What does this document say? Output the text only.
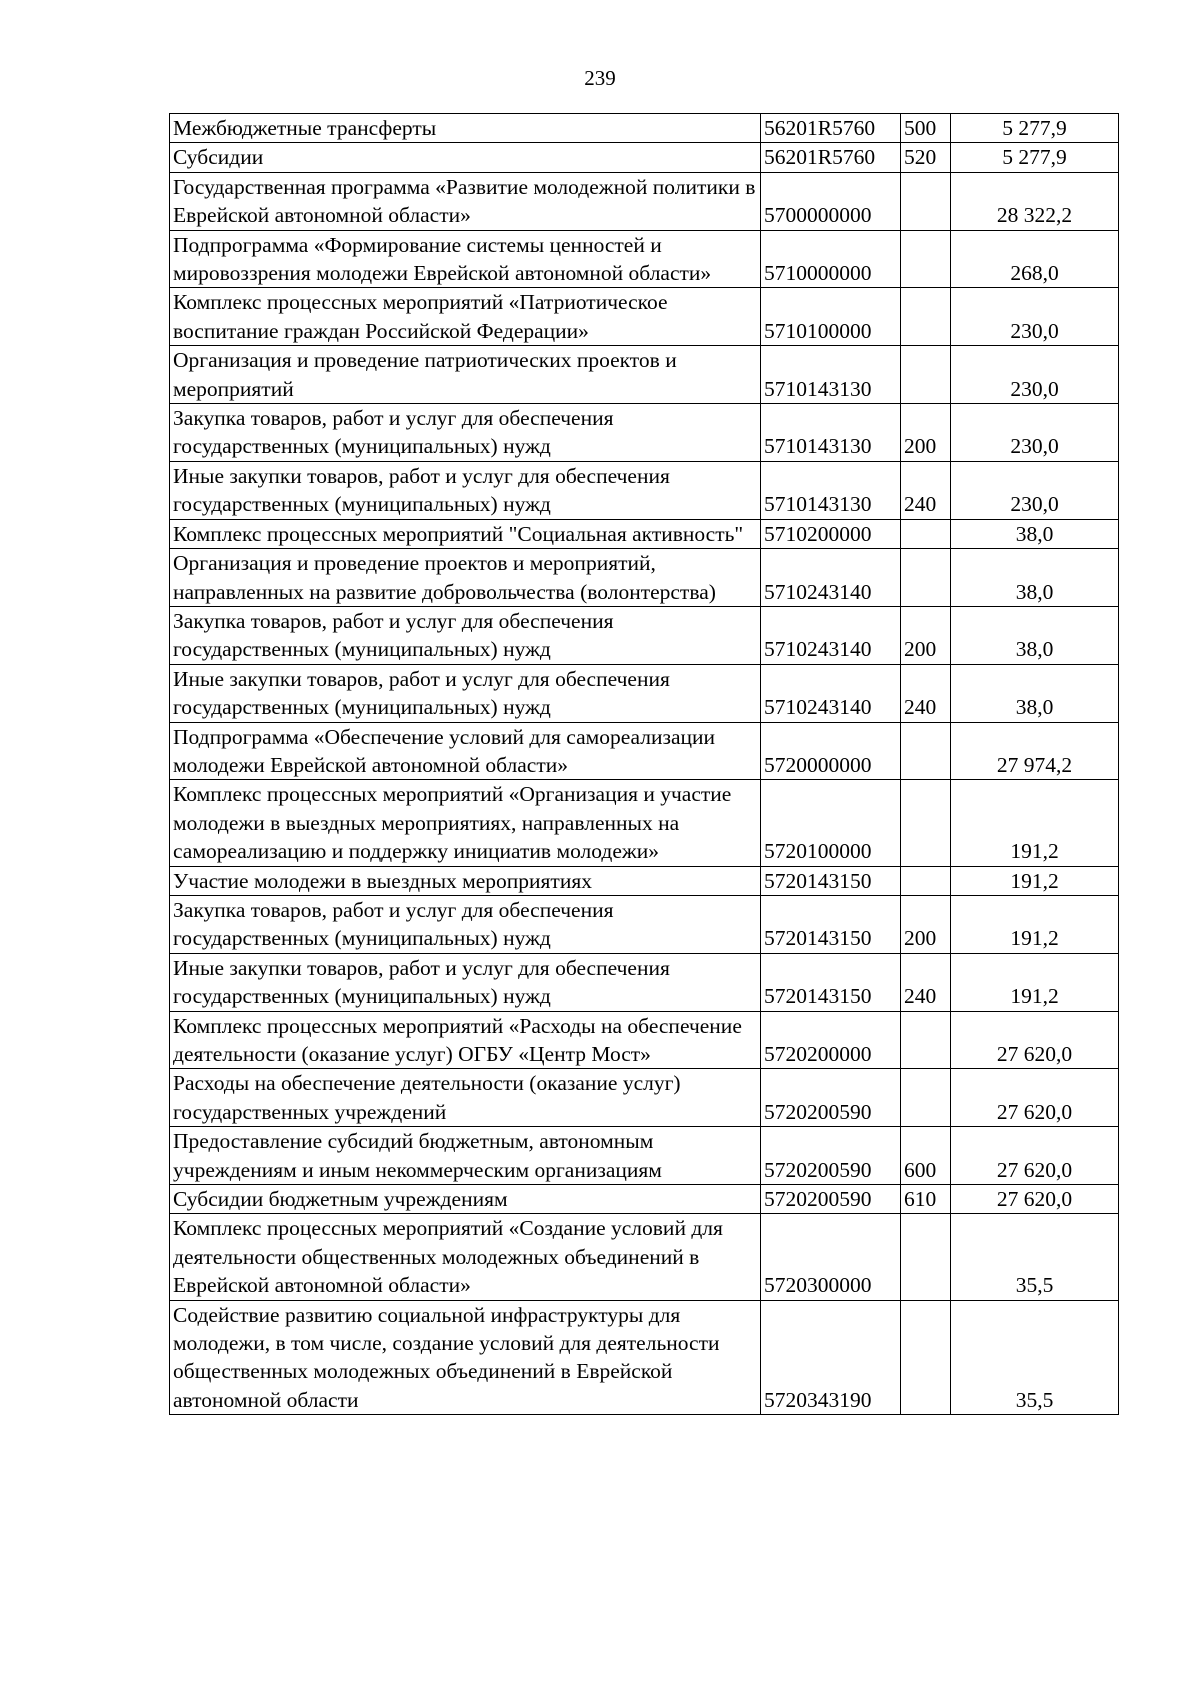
239
Межбюджетные трансферты	56201R5760	500	5 277,9
Субсидии	56201R5760	520	5 277,9
Государственная программа «Развитие молодежной политики в Еврейской автономной области»	5700000000		28 322,2
Подпрограмма «Формирование системы ценностей и мировоззрения молодежи Еврейской автономной области»	5710000000		268,0
Комплекс процессных мероприятий «Патриотическое воспитание граждан Российской Федерации»	5710100000		230,0
Организация и проведение патриотических проектов и мероприятий	5710143130		230,0
Закупка товаров, работ и услуг для обеспечения государственных (муниципальных) нужд	5710143130	200	230,0
Иные закупки товаров, работ и услуг для обеспечения государственных (муниципальных) нужд	5710143130	240	230,0
Комплекс процессных мероприятий "Социальная активность"	5710200000		38,0
Организация и проведение проектов и мероприятий, направленных на развитие добровольчества (волонтерства)	5710243140		38,0
Закупка товаров, работ и услуг для обеспечения государственных (муниципальных) нужд	5710243140	200	38,0
Иные закупки товаров, работ и услуг для обеспечения государственных (муниципальных) нужд	5710243140	240	38,0
Подпрограмма «Обеспечение условий для самореализации молодежи Еврейской автономной области»	5720000000		27 974,2
Комплекс процессных мероприятий «Организация и участие молодежи в выездных мероприятиях, направленных на самореализацию и поддержку инициатив молодежи»	5720100000		191,2
Участие молодежи в выездных мероприятиях	5720143150		191,2
Закупка товаров, работ и услуг для обеспечения государственных (муниципальных) нужд	5720143150	200	191,2
Иные закупки товаров, работ и услуг для обеспечения государственных (муниципальных) нужд	5720143150	240	191,2
Комплекс процессных мероприятий «Расходы на обеспечение деятельности (оказание услуг) ОГБУ «Центр Мост»	5720200000		27 620,0
Расходы на обеспечение деятельности (оказание услуг) государственных учреждений	5720200590		27 620,0
Предоставление субсидий бюджетным, автономным учреждениям и иным некоммерческим организациям	5720200590	600	27 620,0
Субсидии бюджетным учреждениям	5720200590	610	27 620,0
Комплекс процессных мероприятий «Создание условий для деятельности общественных молодежных объединений в Еврейской автономной области»	5720300000		35,5
Содействие развитию социальной инфраструктуры для молодежи, в том числе, создание условий для деятельности общественных молодежных объединений в Еврейской автономной области	5720343190		35,5
